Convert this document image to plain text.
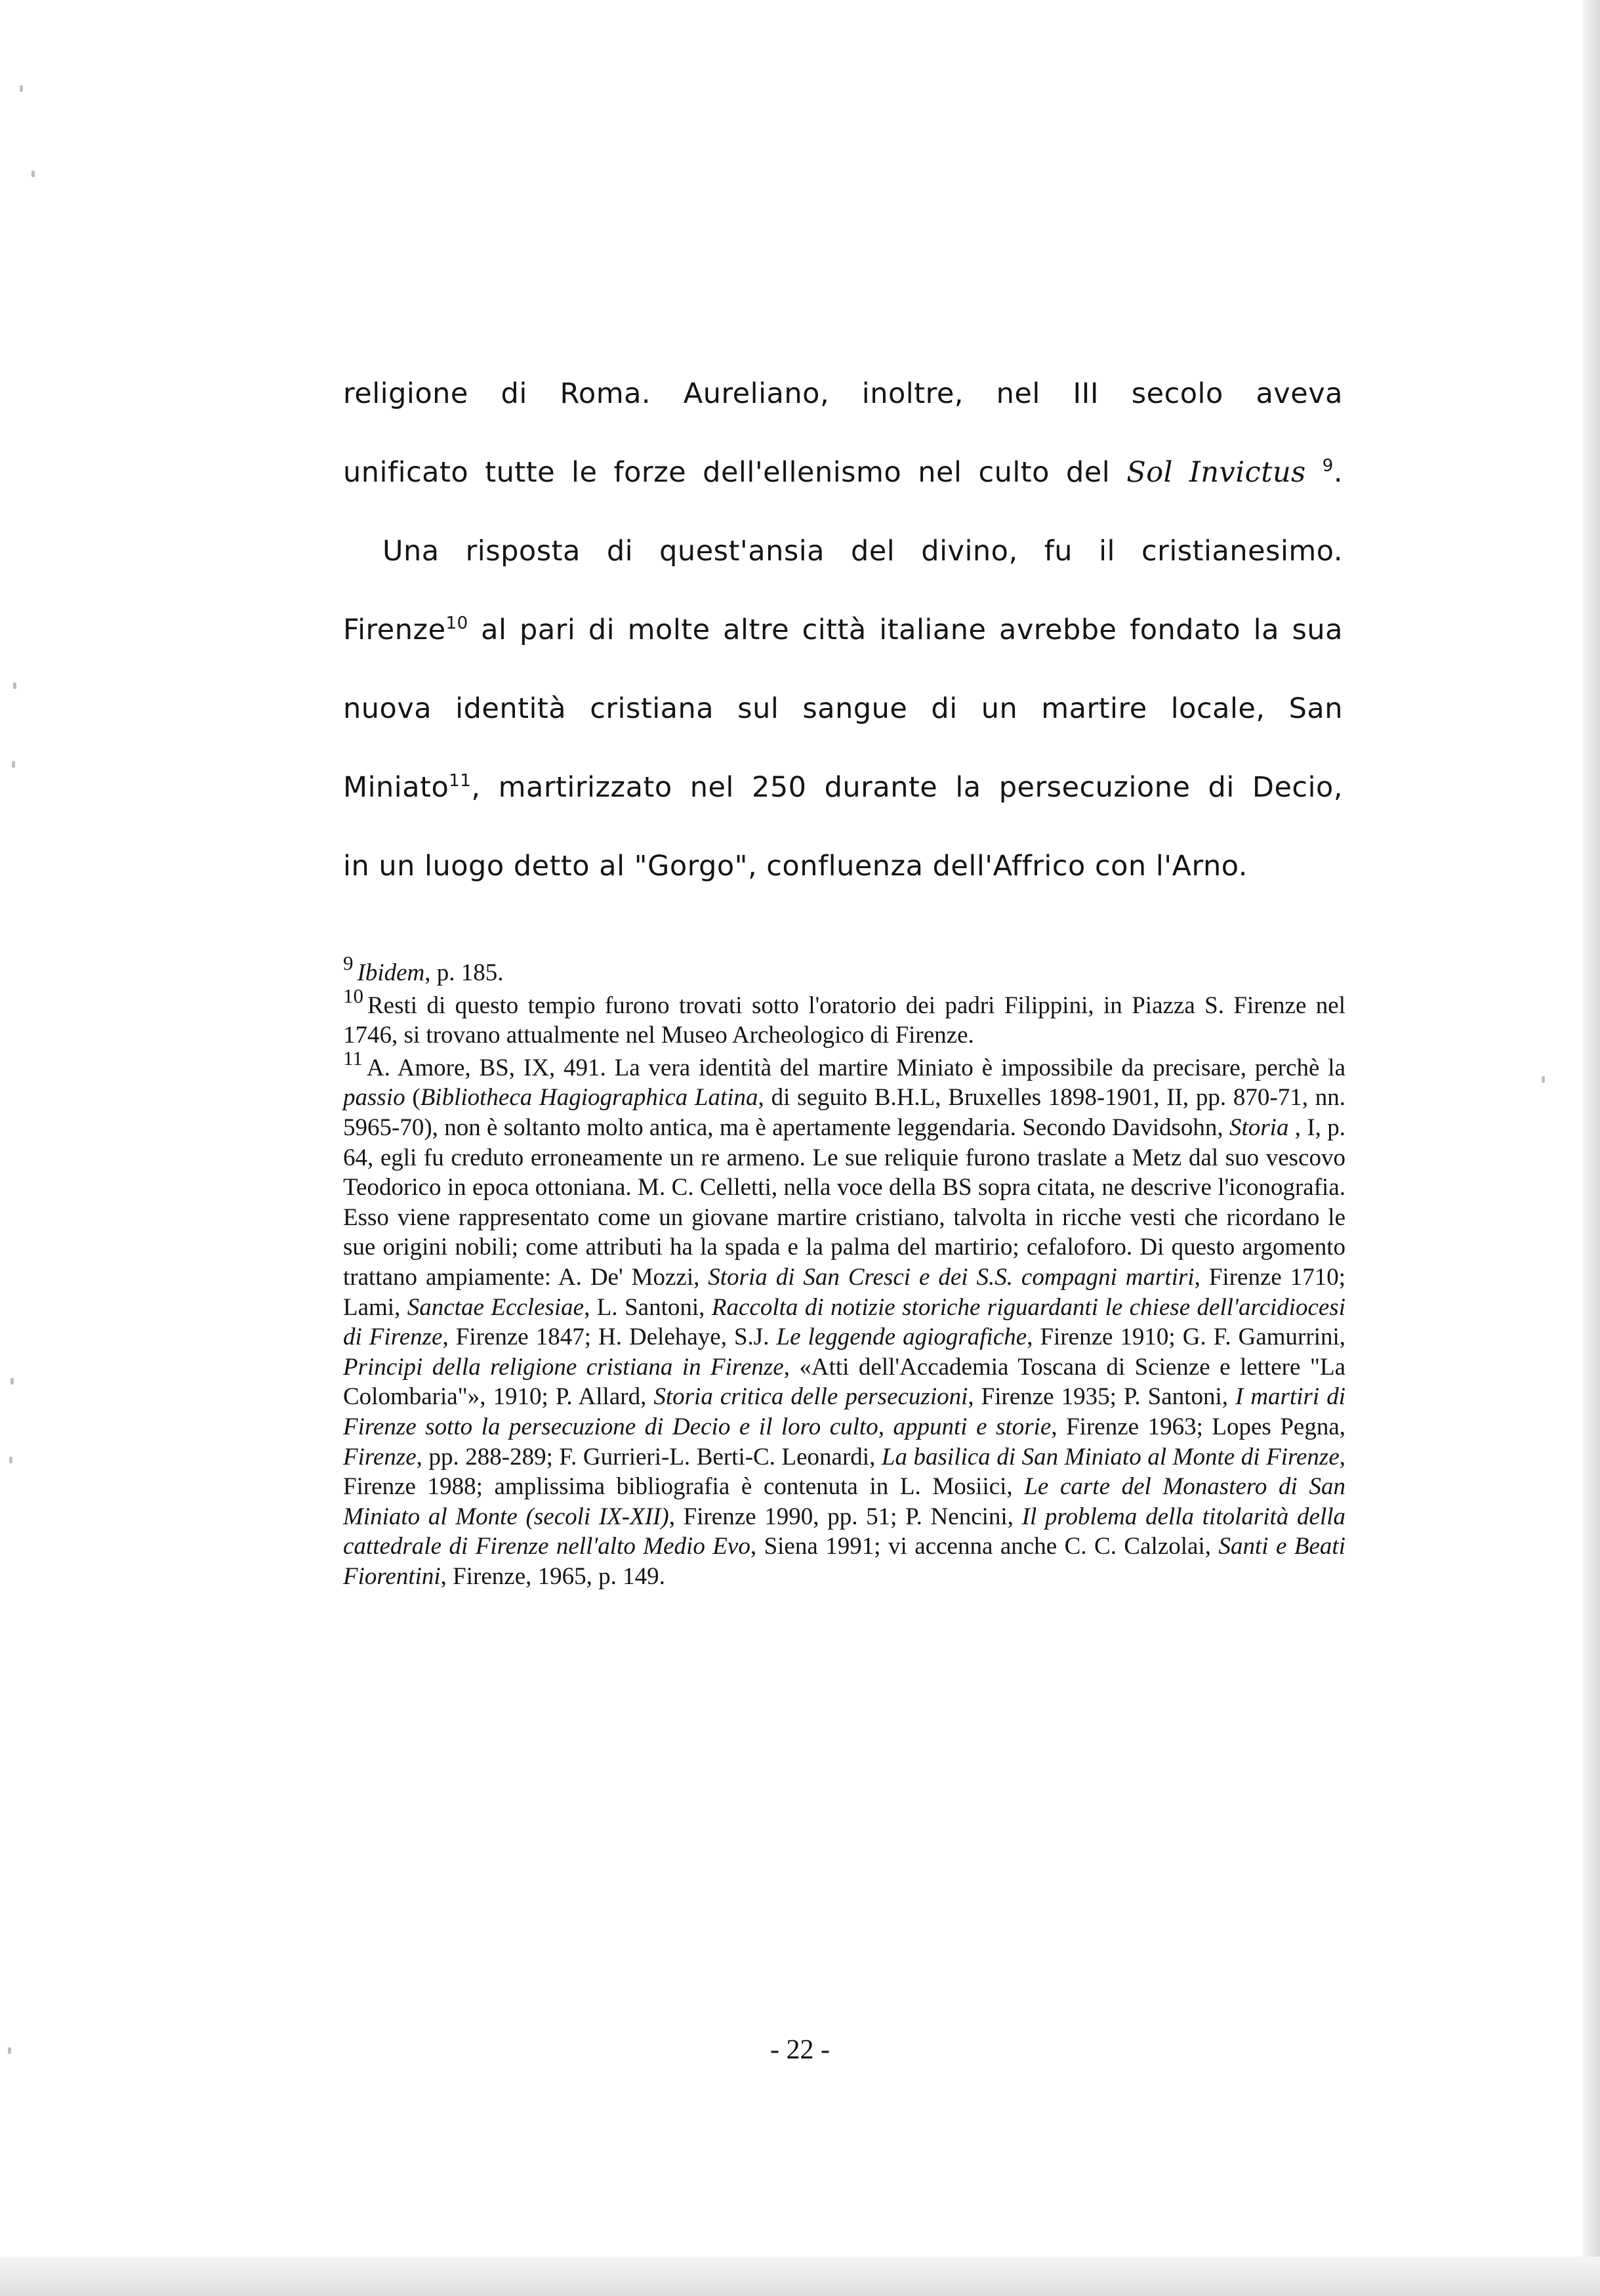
religione di Roma. Aureliano, inoltre, nel III secolo aveva
unificato tutte le forze dell'ellenismo nel culto del Sol Invictus $^9$.
Una risposta di quest'ansia del divino, fu il cristianesimo.
Firenze$^{10}$ al pari di molte altre città italiane avrebbe fondato la sua
nuova identità cristiana sul sangue di un martire locale, San
Miniato$^{11}$, martirizzato nel 250 durante la persecuzione di Decio,
in un luogo detto al "Gorgo", confluenza dell'Affrico con l'Arno.

$^9$ Ibidem, p. 185.

$^{10}$ Resti di questo tempio furono trovati sotto l'oratorio dei padri Filippini, in Piazza S. Firenze nel 1746, si trovano attualmente nel Museo Archeologico di Firenze.

$^{11}$ A. Amore, BS, IX, 491. La vera identità del martire Miniato è impossibile da precisare, perchè la passio (Bibliotheca Hagiographica Latina, di seguito B.H.L, Bruxelles 1898-1901, II, pp. 870-71, nn. 5965-70), non è soltanto molto antica, ma è apertamente leggendaria. Secondo Davidsohn, Storia , I, p. 64, egli fu creduto erroneamente un re armeno. Le sue reliquie furono traslate a Metz dal suo vescovo Teodorico in epoca ottoniana. M. C. Celletti, nella voce della BS sopra citata, ne descrive l'iconografia. Esso viene rappresentato come un giovane martire cristiano, talvolta in ricche vesti che ricordano le sue origini nobili; come attributi ha la spada e la palma del martirio; cefaloforo. Di questo argomento trattano ampiamente: A. De' Mozzi, Storia di San Cresci e dei S.S. compagni martiri, Firenze 1710; Lami, Sanctae Ecclesiae, L. Santoni, Raccolta di notizie storiche riguardanti le chiese dell'arcidiocesi di Firenze, Firenze 1847; H. Delehaye, S.J. Le leggende agiografiche, Firenze 1910; G. F. Gamurrini, Principi della religione cristiana in Firenze, «Atti dell'Accademia Toscana di Scienze e lettere "La Colombaria"», 1910; P. Allard, Storia critica delle persecuzioni, Firenze 1935; P. Santoni, I martiri di Firenze sotto la persecuzione di Decio e il loro culto, appunti e storie, Firenze 1963; Lopes Pegna, Firenze, pp. 288-289; F. Gurrieri-L. Berti-C. Leonardi, La basilica di San Miniato al Monte di Firenze, Firenze 1988; amplissima bibliografia è contenuta in L. Mosiici, Le carte del Monastero di San Miniato al Monte (secoli IX-XII), Firenze 1990, pp. 51; P. Nencini, Il problema della titolarità della cattedrale di Firenze nell'alto Medio Evo, Siena 1991; vi accenna anche C. C. Calzolai, Santi e Beati Fiorentini, Firenze, 1965, p. 149.

- 22 -
